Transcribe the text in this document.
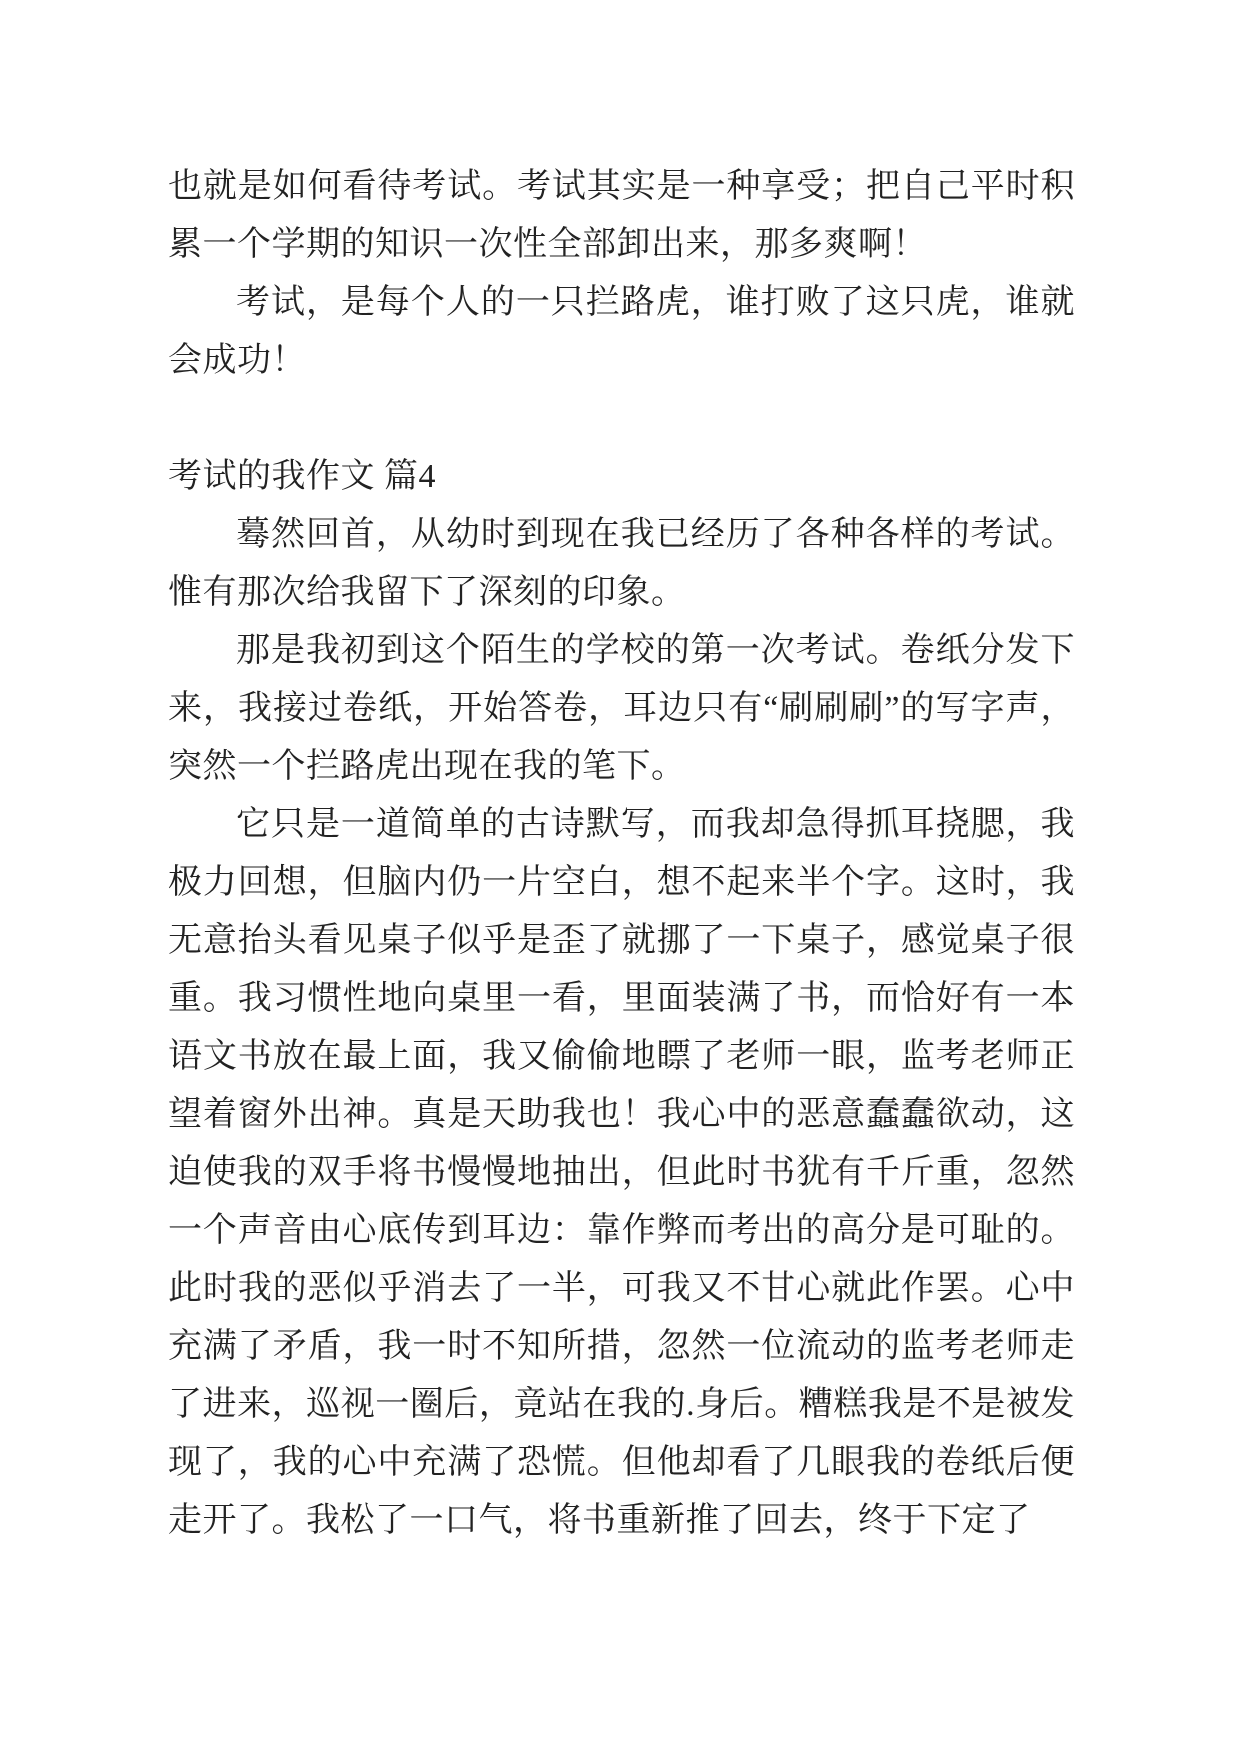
也就是如何看待考试。考试其实是一种享受；把自己平时积累一个学期的知识一次性全部卸出来，那多爽啊！

考试，是每个人的一只拦路虎，谁打败了这只虎，谁就会成功！

考试的我作文 篇4

蓦然回首，从幼时到现在我已经历了各种各样的考试。惟有那次给我留下了深刻的印象。

那是我初到这个陌生的学校的第一次考试。卷纸分发下来，我接过卷纸，开始答卷，耳边只有“刷刷刷”的写字声，突然一个拦路虎出现在我的笔下。

它只是一道简单的古诗默写，而我却急得抓耳挠腮，我极力回想，但脑内仍一片空白，想不起来半个字。这时，我无意抬头看见桌子似乎是歪了就挪了一下桌子，感觉桌子很重。我习惯性地向桌里一看，里面装满了书，而恰好有一本语文书放在最上面，我又偷偷地瞟了老师一眼，监考老师正望着窗外出神。真是天助我也！我心中的恶意蠢蠢欲动，这迫使我的双手将书慢慢地抽出，但此时书犹有千斤重，忽然一个声音由心底传到耳边：靠作弊而考出的高分是可耻的。此时我的恶似乎消去了一半，可我又不甘心就此作罢。心中充满了矛盾，我一时不知所措，忽然一位流动的监考老师走了进来，巡视一圈后，竟站在我的.身后。糟糕我是不是被发现了，我的心中充满了恐慌。但他却看了几眼我的卷纸后便走开了。我松了一口气，将书重新推了回去，终于下定了
